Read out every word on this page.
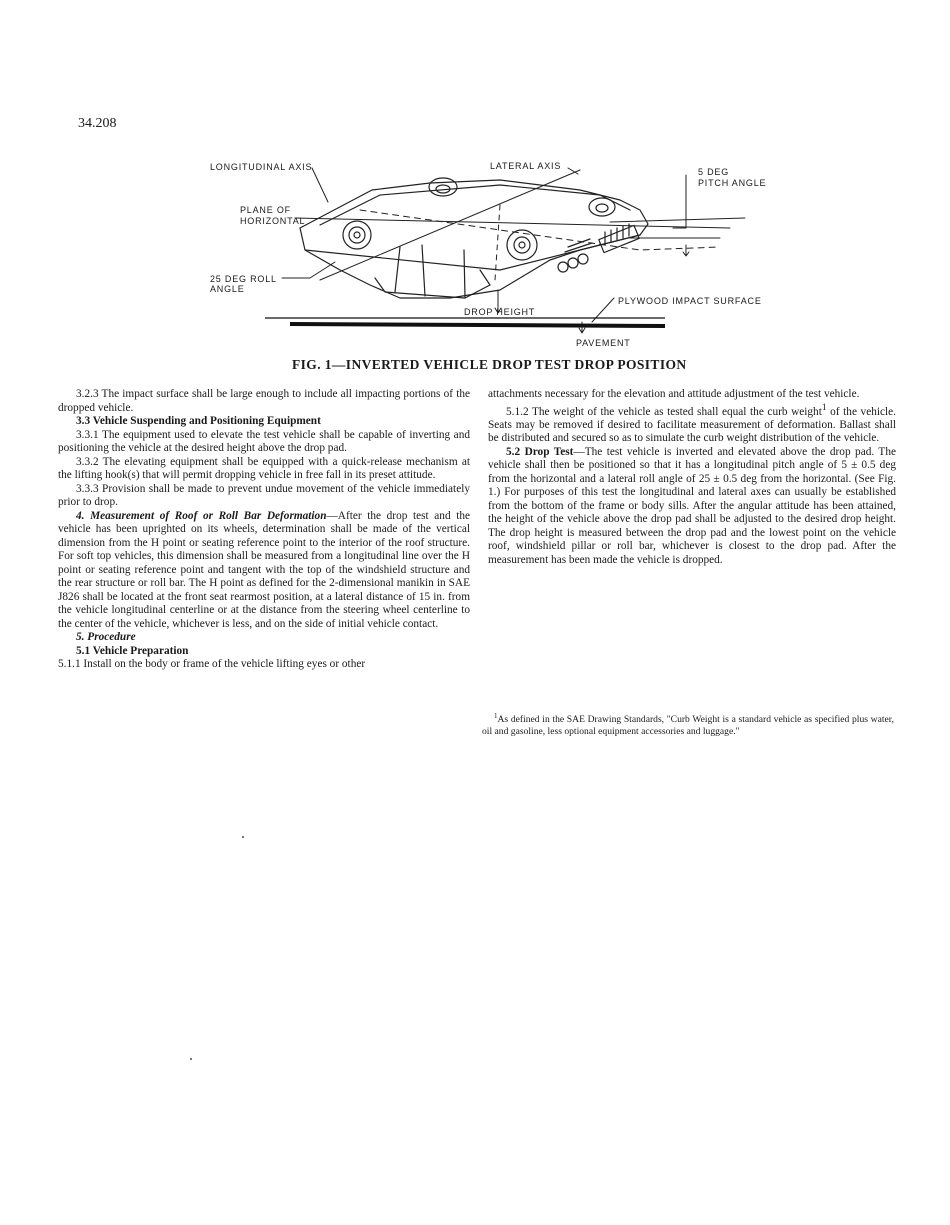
34.208
LONGITUDINAL AXIS	LATERAL AXIS
5 DEG
PITCH ANGLE
PLANE OF
HORIZONTAL
25 DEG ROLL
ANGLE
PLYWOOD IMPACT SURFACE
DROP HEIGHT
PAVEMENT
FIG. 1—INVERTED VEHICLE DROP TEST DROP POSITION

3.2.3 The impact surface shall be large enough to include all impacting portions of the dropped vehicle.

3.3 Vehicle Suspending and Positioning Equipment

3.3.1 The equipment used to elevate the test vehicle shall be capable of inverting and positioning the vehicle at the desired height above the drop pad.

3.3.2 The elevating equipment shall be equipped with a quick-release mechanism at the lifting hook(s) that will permit dropping vehicle in free fall in its preset attitude.

3.3.3 Provision shall be made to prevent undue movement of the vehicle immediately prior to drop.

4. Measurement of Roof or Roll Bar Deformation—After the drop test and the vehicle has been uprighted on its wheels, determination shall be made of the vertical dimension from the H point or seating reference point to the interior of the roof structure. For soft top vehicles, this dimension shall be measured from a longitudinal line over the H point or seating reference point and tangent with the top of the windshield structure and the rear structure or roll bar. The H point as defined for the 2-dimensional manikin in SAE J826 shall be located at the front seat rearmost position, at a lateral distance of 15 in. from the vehicle longitudinal centerline or at the distance from the steering wheel centerline to the center of the vehicle, whichever is less, and on the side of initial vehicle contact.

5. Procedure

5.1 Vehicle Preparation

5.1.1 Install on the body or frame of the vehicle lifting eyes or other

attachments necessary for the elevation and attitude adjustment of the test vehicle.

5.1.2 The weight of the vehicle as tested shall equal the curb weight$^1$ of the vehicle. Seats may be removed if desired to facilitate measurement of deformation. Ballast shall be distributed and secured so as to simulate the curb weight distribution of the vehicle.

5.2 Drop Test—The test vehicle is inverted and elevated above the drop pad. The vehicle shall then be positioned so that it has a longitudinal pitch angle of 5 ± 0.5 deg from the horizontal and a lateral roll angle of 25 ± 0.5 deg from the horizontal. (See Fig. 1.) For purposes of this test the longitudinal and lateral axes can usually be established from the bottom of the frame or body sills. After the angular attitude has been attained, the height of the vehicle above the drop pad shall be adjusted to the desired drop height. The drop height is measured between the drop pad and the lowest point on the vehicle roof, windshield pillar or roll bar, whichever is closest to the drop pad. After the measurement has been made the vehicle is dropped.

$^1$As defined in the SAE Drawing Standards, "Curb Weight is a standard vehicle as specified plus water, oil and gasoline, less optional equipment accessories and luggage."
